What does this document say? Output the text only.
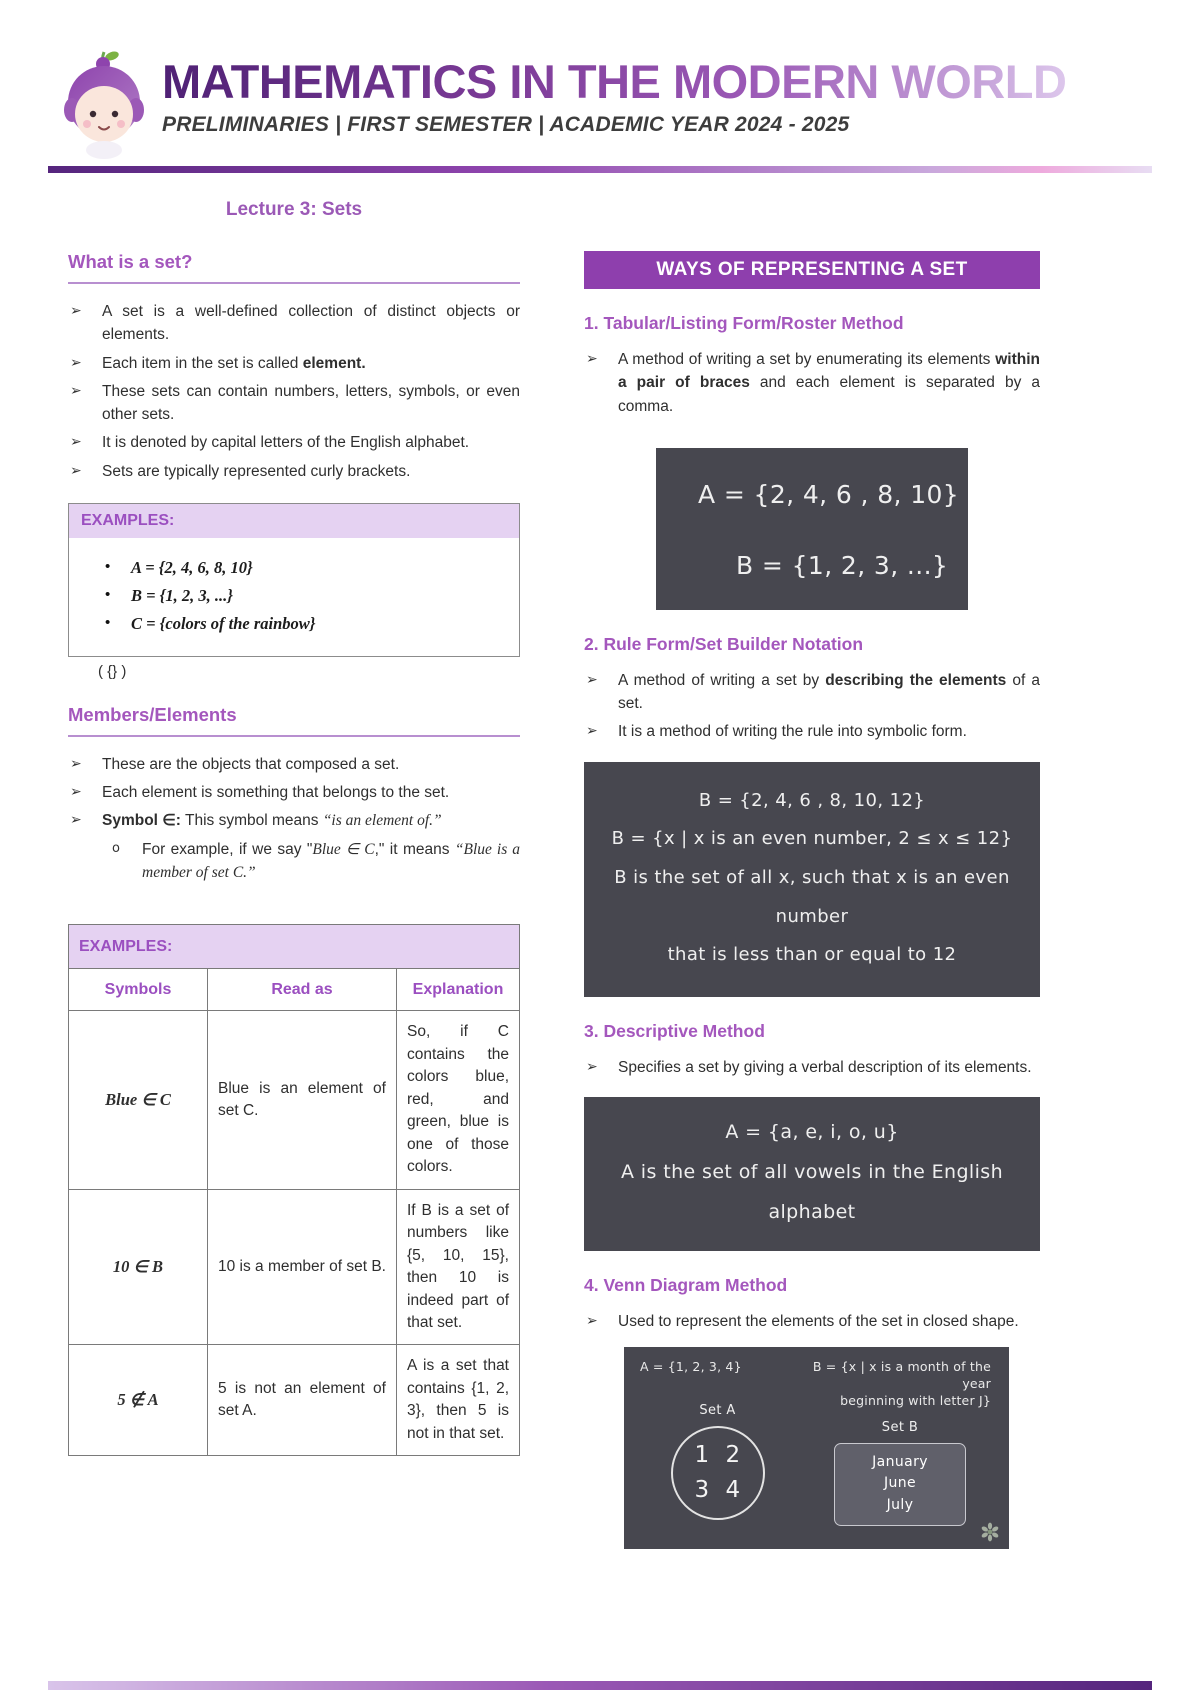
MATHEMATICS IN THE MODERN WORLD
PRELIMINARIES | FIRST SEMESTER | ACADEMIC YEAR 2024 - 2025
Lecture 3: Sets
What is a set?
➢	A set is a well-defined collection of distinct objects or elements.
➢	Each item in the set is called element.
➢	These sets can contain numbers, letters, symbols, or even other sets.
➢	It is denoted by capital letters of the English alphabet.
➢	Sets are typically represented curly brackets.
EXAMPLES:
•	A = {2, 4, 6, 8, 10}
•	B = {1, 2, 3, ...}
•	C = {colors of the rainbow}
( {} )
Members/Elements
➢	These are the objects that composed a set.
➢	Each element is something that belongs to the set.
➢	Symbol ∈: This symbol means “is an element of.”
o	For example, if we say "Blue ∈ C," it means “Blue is a member of set C.”
EXAMPLES:		
Symbols	Read as	Explanation
Blue ∈ C	Blue is an element of set C.	So, if C contains the colors blue, red, and green, blue is one of those colors.
10 ∈ B	10 is a member of set B.	If B is a set of numbers like {5, 10, 15}, then 10 is indeed part of that set.
5 ∉ A	5 is not an element of set A.	A is a set that contains {1, 2, 3}, then 5 is not in that set.
WAYS OF REPRESENTING A SET
1. Tabular/Listing Form/Roster Method
➢	A method of writing a set by enumerating its elements within a pair of braces and each element is separated by a comma.
A = {2, 4, 6 , 8, 10}
B = {1, 2, 3, ...}
2. Rule Form/Set Builder Notation
➢	A method of writing a set by describing the elements of a set.
➢	It is a method of writing the rule into symbolic form.
B = {2, 4, 6 , 8, 10, 12}
B = {x | x is an even number, 2 ≤ x ≤ 12}
B is the set of all x, such that x is an even number
that is less than or equal to 12
3. Descriptive Method
➢	Specifies a set by giving a verbal description of its elements.
A = {a, e, i, o, u}
A is the set of all vowels in the English alphabet
4. Venn Diagram Method
➢	Used to represent the elements of the set in closed shape.
A = {1, 2, 3, 4}
Set A
1 2
3 4
B = {x | x is a month of the year
beginning with letter J}
Set B
January
June
July
